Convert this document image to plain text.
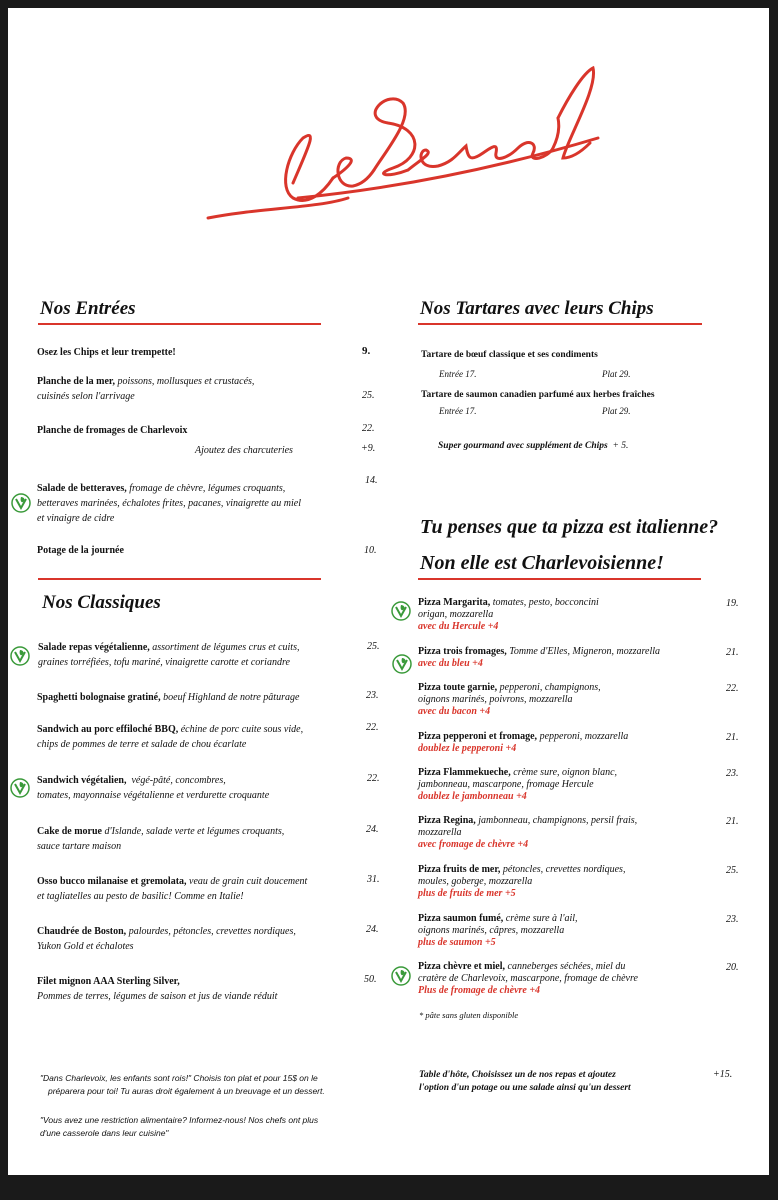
le Bercail
Nos Entrées
Osez les Chips et leur trempette!	9.
Planche de la mer, poissons, mollusques et crustacés,
cuisinés selon l'arrivage	25.
Planche de fromages de Charlevoix	22.
Ajoutez des charcuteries	+9.
Salade de betteraves, fromage de chèvre, légumes croquants,
betteraves marinées, échalotes frites, pacanes, vinaigrette au miel
et vinaigre de cidre
14.
Potage de la journée	10.
Nos Classiques
Salade repas végétalienne, assortiment de légumes crus et cuits,
graines torréfiées, tofu mariné, vinaigrette carotte et coriandre
25.
Spaghetti bolognaise gratiné, boeuf Highland de notre pâturage	23.
Sandwich au porc effiloché BBQ, échine de porc cuite sous vide,
chips de pommes de terre et salade de chou écarlate
22.
Sandwich végétalien, végé-pâté, concombres,
tomates, mayonnaise végétalienne et verdurette croquante
22.
Cake de morue d'Islande, salade verte et légumes croquants,
sauce tartare maison
24.
Osso bucco milanaise et gremolata, veau de grain cuit doucement
et tagliatelles au pesto de basilic! Comme en Italie!
31.
Chaudrée de Boston, palourdes, pétoncles, crevettes nordiques,
Yukon Gold et échalotes
24.
Filet mignon AAA Sterling Silver,
Pommes de terres, légumes de saison et jus de viande réduit
50.
"Dans Charlevoix, les enfants sont rois!" Choisis ton plat et pour 15$ on le
préparera pour toi! Tu auras droit également à un breuvage et un dessert.
"Vous avez une restriction alimentaire? Informez-nous! Nos chefs ont plus
d'une casserole dans leur cuisine"
Nos Tartares avec leurs Chips
Tartare de bœuf classique et ses condiments
Entrée 17.	Plat 29.
Tartare de saumon canadien parfumé aux herbes fraîches
Entrée 17.	Plat 29.
Super gourmand avec supplément de Chips + 5.
Tu penses que ta pizza est italienne?
Non elle est Charlevoisienne!
Pizza Margarita, tomates, pesto, bocconcini
origan, mozzarella
avec du Hercule +4
19.
Pizza trois fromages, Tomme d'Elles, Migneron, mozzarella
avec du bleu +4
21.
Pizza toute garnie, pepperoni, champignons,
oignons marinés, poivrons, mozzarella
avec du bacon +4
22.
Pizza pepperoni et fromage, pepperoni, mozzarella
doublez le pepperoni +4
21.
Pizza Flammekueche, crème sure, oignon blanc,
jambonneau, mascarpone, fromage Hercule
doublez le jambonneau +4
23.
Pizza Regina, jambonneau, champignons, persil frais,
mozzarella
avec fromage de chèvre +4
21.
Pizza fruits de mer, pétoncles, crevettes nordiques,
moules, goberge, mozzarella
plus de fruits de mer +5
25.
Pizza saumon fumé, crème sure à l'ail,
oignons marinés, câpres, mozzarella
plus de saumon +5
23.
Pizza chèvre et miel, canneberges séchées, miel du
cratère de Charlevoix, mascarpone, fromage de chèvre
Plus de fromage de chèvre +4
20.
* pâte sans gluten disponible
Table d'hôte, Choisissez un de nos repas et ajoutez
l'option d'un potage ou une salade ainsi qu'un dessert
+15.
